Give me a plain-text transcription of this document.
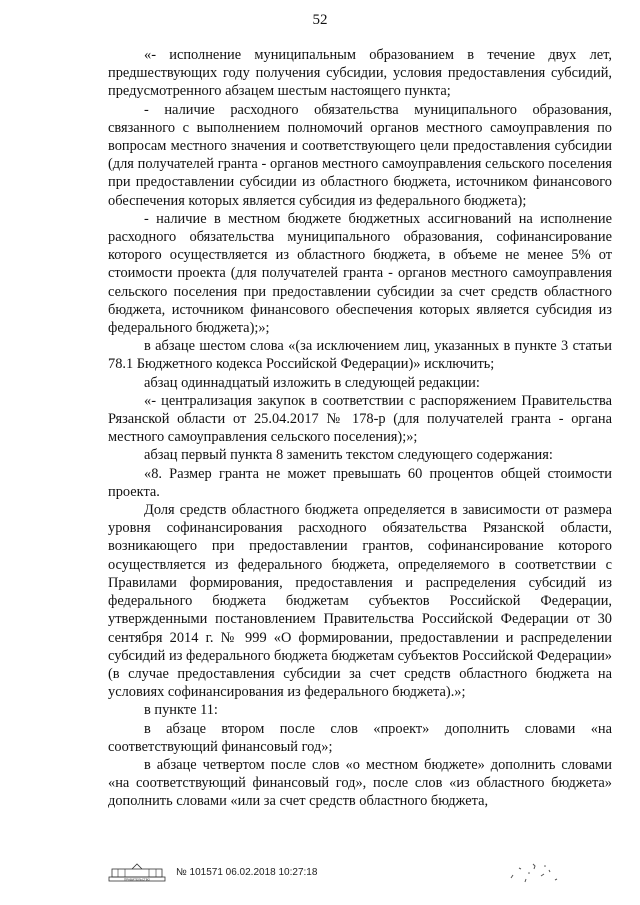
52

«- исполнение муниципальным образованием в течение двух лет, предшествующих году получения субсидии, условия предоставления субсидий, предусмотренного абзацем шестым настоящего пункта;

- наличие расходного обязательства муниципального образования, связанного с выполнением полномочий органов местного самоуправления по вопросам местного значения и соответствующего цели предоставления субсидии (для получателей гранта - органов местного самоуправления сельского поселения при предоставлении субсидии из областного бюджета, источником финансового обеспечения которых является субсидия из федерального бюджета);

- наличие в местном бюджете бюджетных ассигнований на исполнение расходного обязательства муниципального образования, софинансирование которого осуществляется из областного бюджета, в объеме не менее 5% от стоимости проекта (для получателей гранта - органов местного самоуправления сельского поселения при предоставлении субсидии за счет средств областного бюджета, источником финансового обеспечения которых является субсидия из федерального бюджета);»;

в абзаце шестом слова «(за исключением лиц, указанных в пункте 3 статьи 78.1 Бюджетного кодекса Российской Федерации)» исключить;

абзац одиннадцатый изложить в следующей редакции:

«- централизация закупок в соответствии с распоряжением Правительства Рязанской области от 25.04.2017 № 178-р (для получателей гранта - органа местного самоуправления сельского поселения);»;

абзац первый пункта 8 заменить текстом следующего содержания:

«8. Размер гранта не может превышать 60 процентов общей стоимости проекта.

Доля средств областного бюджета определяется в зависимости от размера уровня софинансирования расходного обязательства Рязанской области, возникающего при предоставлении грантов, софинансирование которого осуществляется из федерального бюджета, определяемого в соответствии с Правилами формирования, предоставления и распределения субсидий из федерального бюджета бюджетам субъектов Российской Федерации, утвержденными постановлением Правительства Российской Федерации от 30 сентября 2014 г. № 999 «О формировании, предоставлении и распределении субсидий из федерального бюджета бюджетам субъектов Российской Федерации» (в случае предоставления субсидии за счет средств областного бюджета на условиях софинансирования из федерального бюджета).»;

в пункте 11:

в абзаце втором после слов «проект» дополнить словами «на соответствующий финансовый год»;

в абзаце четвертом после слов «о местном бюджете» дополнить словами «на соответствующий финансовый год», после слов «из областного бюджета» дополнить словами «или за счет средств областного бюджета,

ПРАВИТЕЛЬСТВО
№ 101571 06.02.2018 10:27:18
